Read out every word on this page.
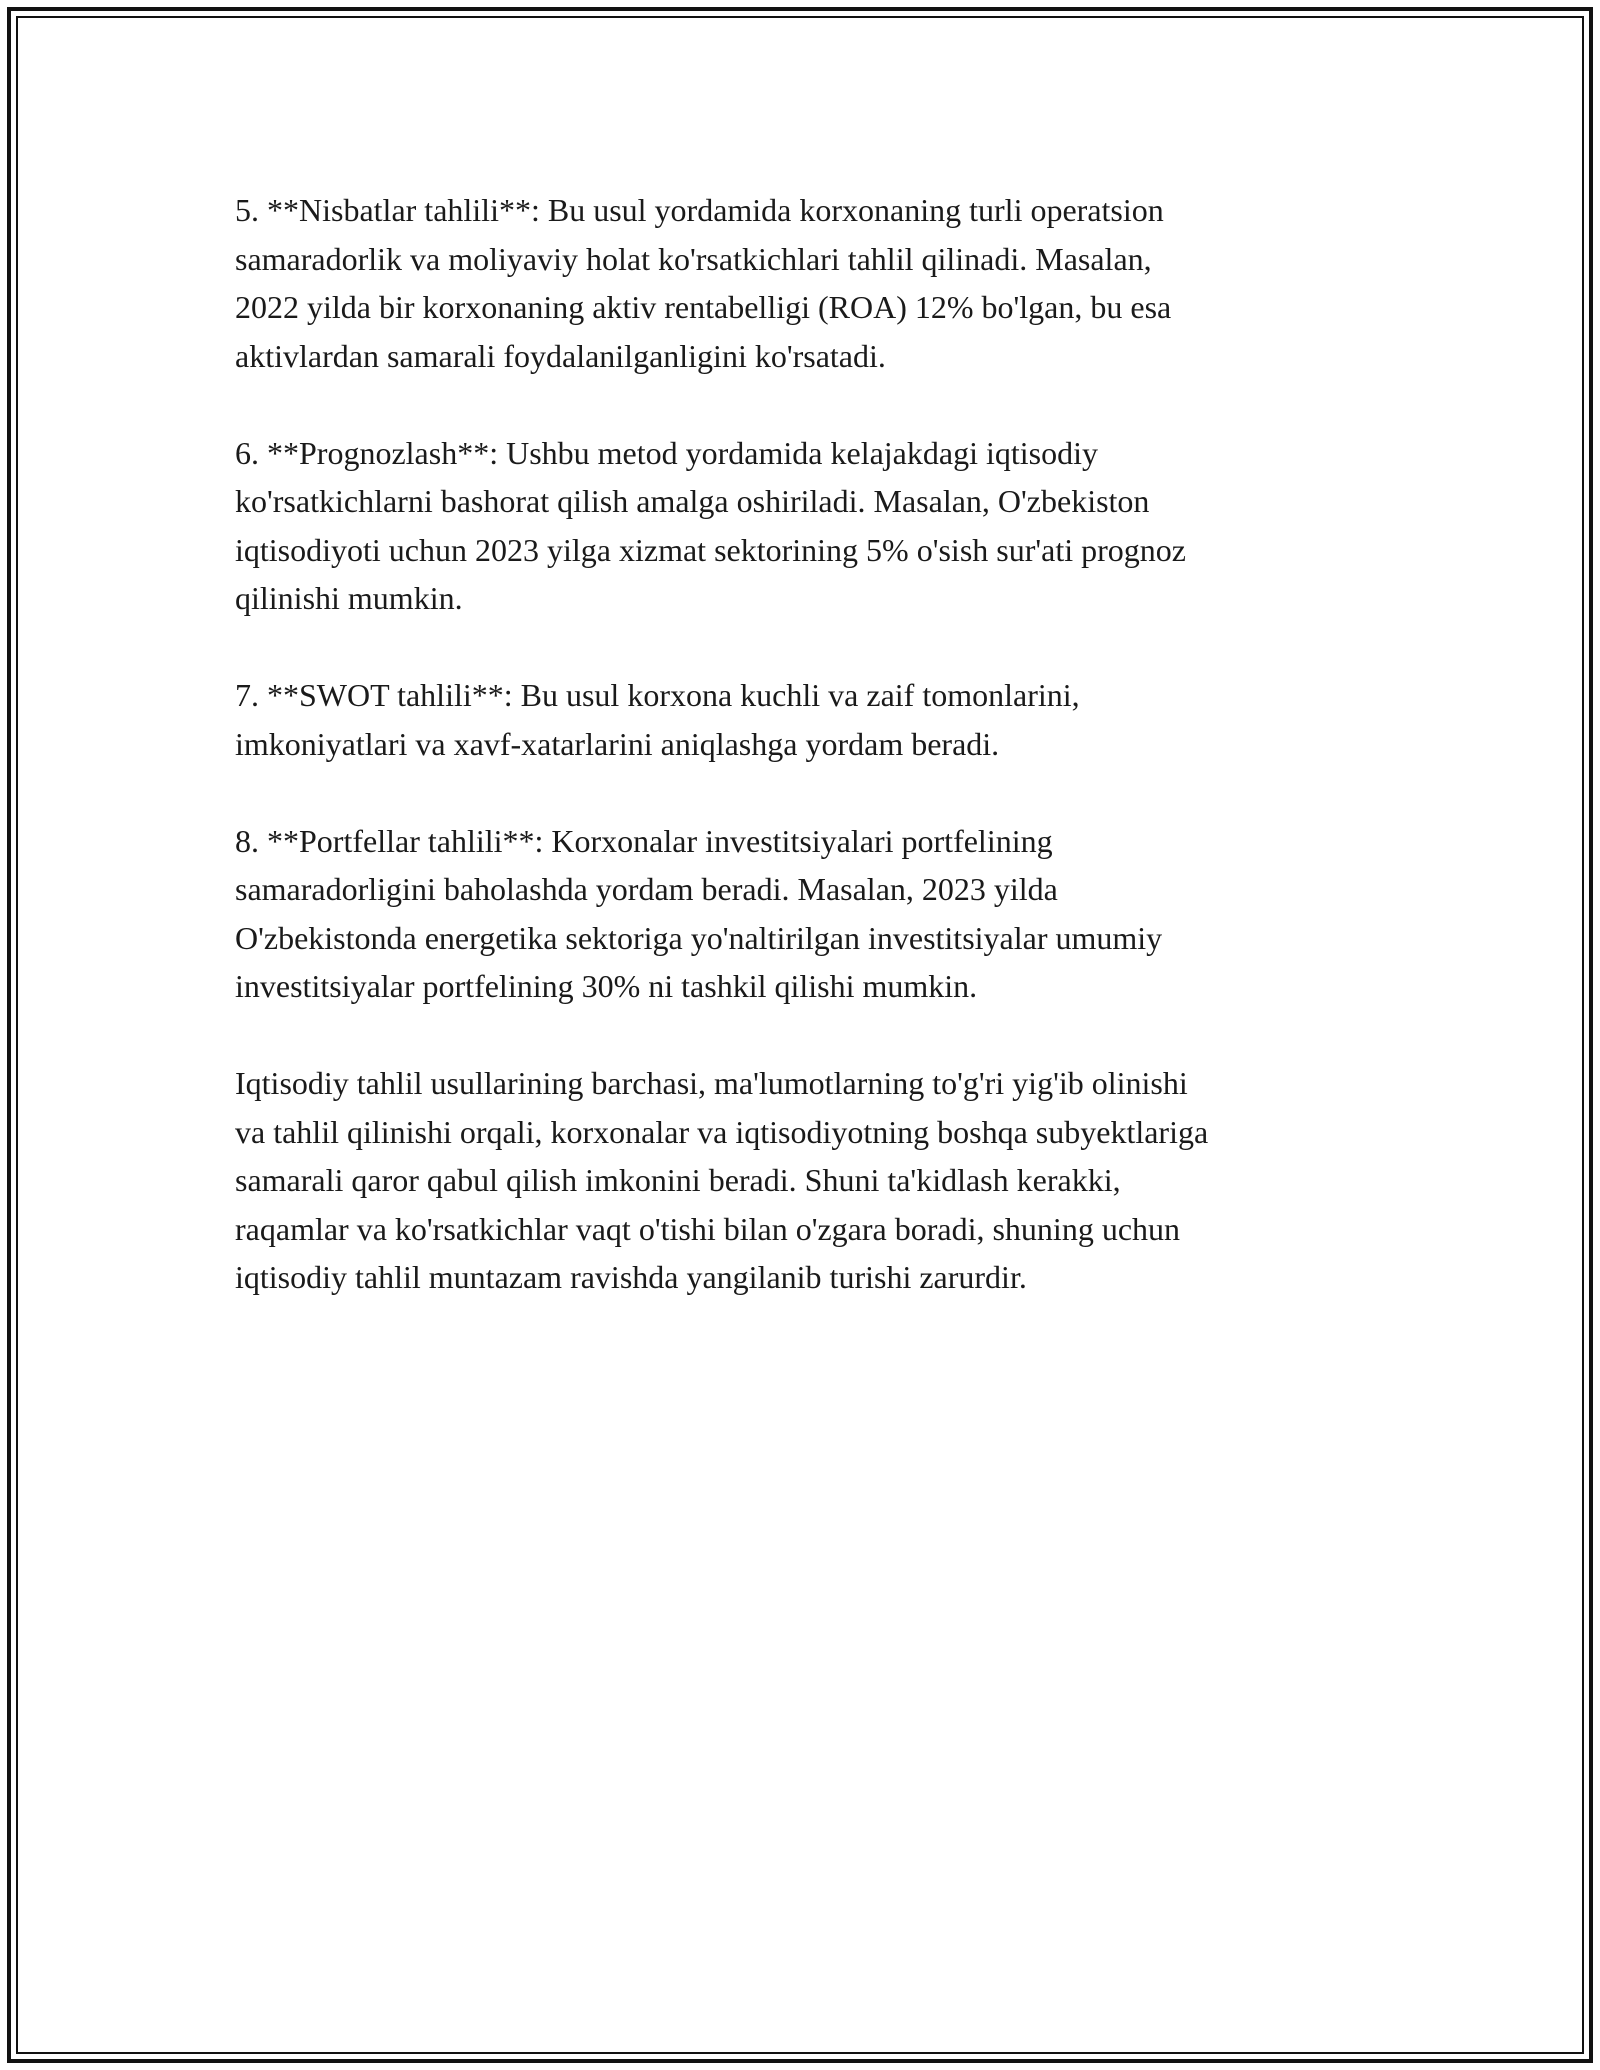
5. **Nisbatlar tahlili**: Bu usul yordamida korxonaning turli operatsion
samaradorlik va moliyaviy holat ko'rsatkichlari tahlil qilinadi. Masalan,
2022 yilda bir korxonaning aktiv rentabelligi (ROA) 12% bo'lgan, bu esa
aktivlardan samarali foydalanilganligini ko'rsatadi.

6. **Prognozlash**: Ushbu metod yordamida kelajakdagi iqtisodiy
ko'rsatkichlarni bashorat qilish amalga oshiriladi. Masalan, O'zbekiston
iqtisodiyoti uchun 2023 yilga xizmat sektorining 5% o'sish sur'ati prognoz
qilinishi mumkin.

7. **SWOT tahlili**: Bu usul korxona kuchli va zaif tomonlarini,
imkoniyatlari va xavf-xatarlarini aniqlashga yordam beradi.

8. **Portfellar tahlili**: Korxonalar investitsiyalari portfelining
samaradorligini baholashda yordam beradi. Masalan, 2023 yilda
O'zbekistonda energetika sektoriga yo'naltirilgan investitsiyalar umumiy
investitsiyalar portfelining 30% ni tashkil qilishi mumkin.

Iqtisodiy tahlil usullarining barchasi, ma'lumotlarning to'g'ri yig'ib olinishi
va tahlil qilinishi orqali, korxonalar va iqtisodiyotning boshqa subyektlariga
samarali qaror qabul qilish imkonini beradi. Shuni ta'kidlash kerakki,
raqamlar va ko'rsatkichlar vaqt o'tishi bilan o'zgara boradi, shuning uchun
iqtisodiy tahlil muntazam ravishda yangilanib turishi zarurdir.
